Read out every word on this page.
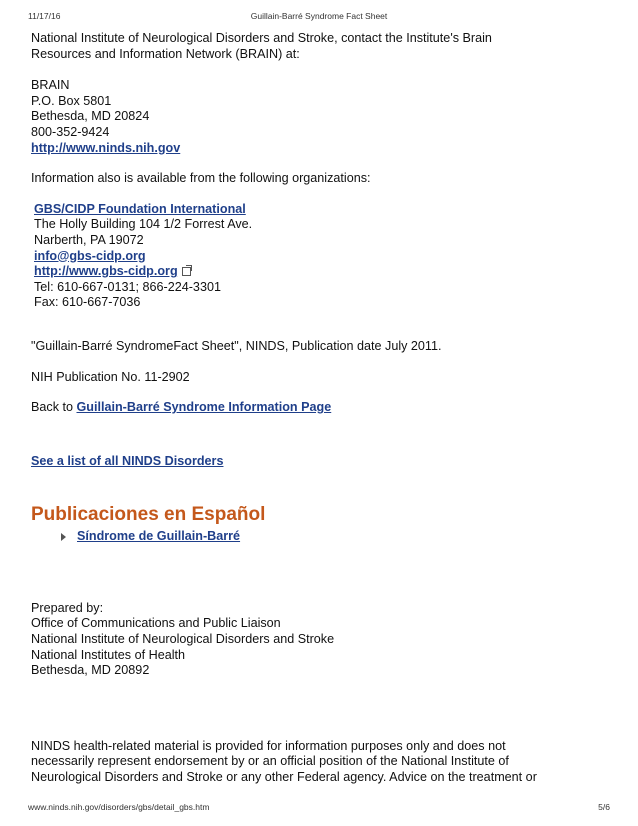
11/17/16	Guillain-Barré Syndrome Fact Sheet

National Institute of Neurological Disorders and Stroke, contact the Institute's Brain

Resources and Information Network (BRAIN) at:

BRAIN

P.O. Box 5801

Bethesda, MD 20824

800-352-9424

http://www.ninds.nih.gov

Information also is available from the following organizations:

GBS/CIDP Foundation International

The Holly Building 104 1/2 Forrest Ave.

Narberth, PA 19072

info@gbs-cidp.org

http://www.gbs-cidp.org

Tel: 610-667-0131; 866-224-3301

Fax: 610-667-7036

"Guillain-Barré SyndromeFact Sheet", NINDS, Publication date July 2011.

NIH Publication No. 11-2902

Back to Guillain-Barré Syndrome Information Page

See a list of all NINDS Disorders

Publicaciones en Español
Síndrome de Guillain-Barré

Prepared by:

Office of Communications and Public Liaison

National Institute of Neurological Disorders and Stroke

National Institutes of Health

Bethesda, MD 20892

NINDS health-related material is provided for information purposes only and does not

necessarily represent endorsement by or an official position of the National Institute of

Neurological Disorders and Stroke or any other Federal agency. Advice on the treatment or

www.ninds.nih.gov/disorders/gbs/detail_gbs.htm	5/6
